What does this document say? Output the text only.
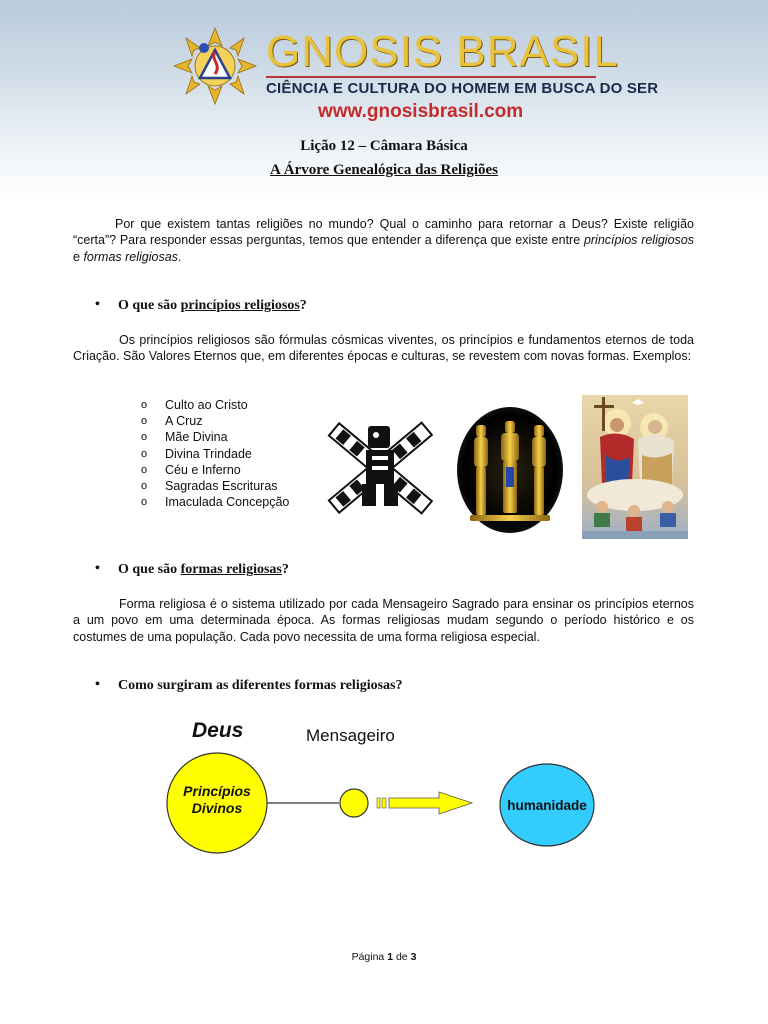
GNOSIS BRASIL
CIÊNCIA E CULTURA DO HOMEM EM BUSCA DO SER
www.gnosisbrasil.com
Lição 12 – Câmara Básica
A Árvore Genealógica das Religiões
Por que existem tantas religiões no mundo? Qual o caminho para retornar a Deus? Existe religião “certa”? Para responder essas perguntas, temos que entender a diferença que existe entre princípios religiosos e formas religiosas.
• O que são princípios religiosos?
Os princípios religiosos são fórmulas cósmicas viventes, os princípios e fundamentos eternos de toda Criação. São Valores Eternos que, em diferentes épocas e culturas, se revestem com novas formas. Exemplos:
o Culto ao Cristo
o A Cruz
o Mãe Divina
o Divina Trindade
o Céu e Inferno
o Sagradas Escrituras
o Imaculada Concepção
• O que são formas religiosas?
Forma religiosa é o sistema utilizado por cada Mensageiro Sagrado para ensinar os princípios eternos a um povo em uma determinada época. As formas religiosas mudam segundo o período histórico e os costumes de uma população. Cada povo necessita de uma forma religiosa especial.
• Como surgiram as diferentes formas religiosas?
Deus	Mensageiro
Princípios
Divinos	humanidade
Página 1 de 3
